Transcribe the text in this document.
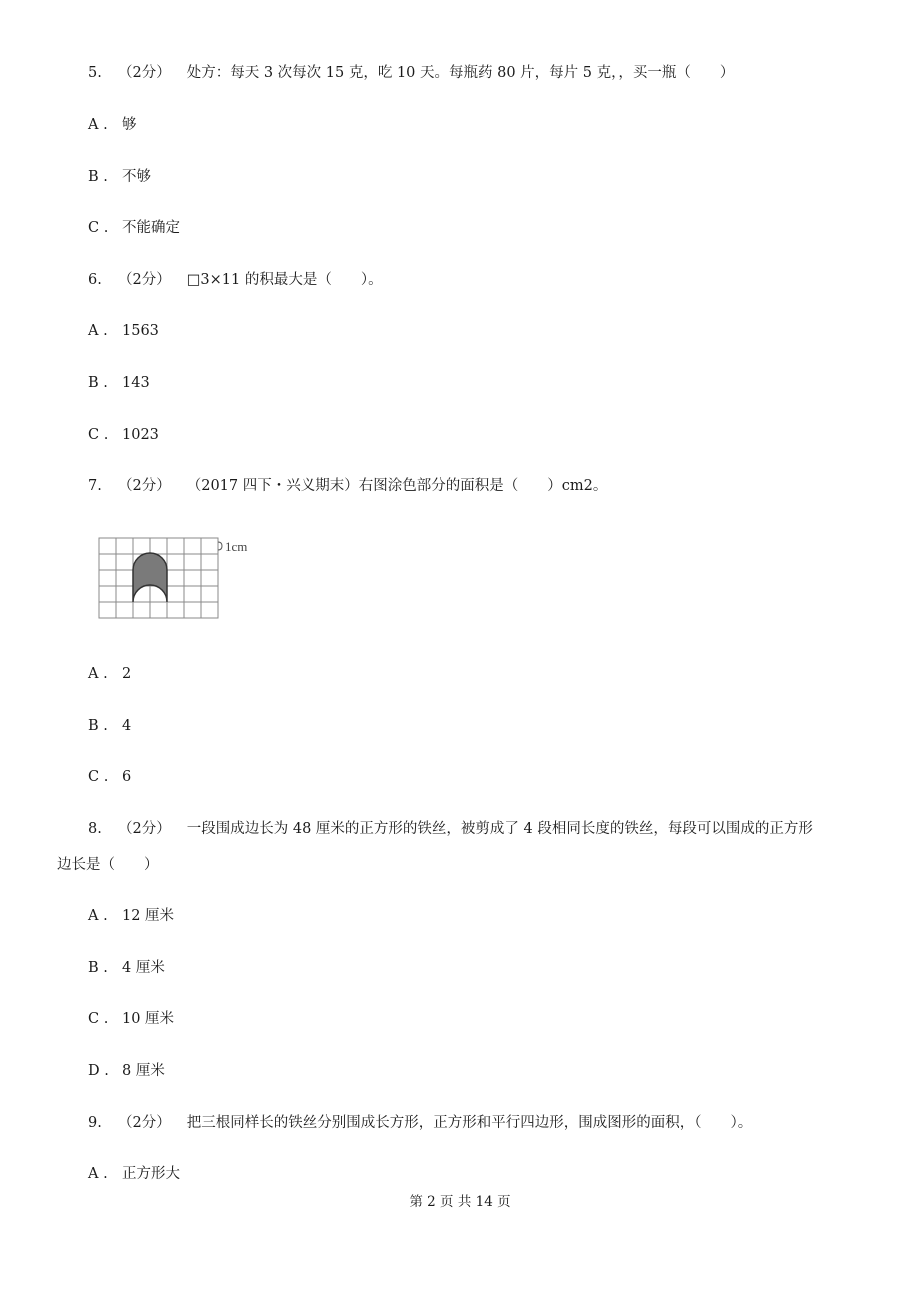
5. （2分） 处方：每天 3 次每次 15 克，吃 10 天。每瓶药 80 片，每片 5 克，，买一瓶（　　）
A . 够
B . 不够
C . 不能确定
6. （2分） □3×11 的积最大是（　　）。
A . 1563
B . 143
C . 1023
7. （2分） （2017 四下・兴义期末）右图涂色部分的面积是（　　）cm2。
1cm
A . 2
B . 4
C . 6
8. （2分） 一段围成边长为 48 厘米的正方形的铁丝，被剪成了 4 段相同长度的铁丝，每段可以围成的正方形
边长是（　　）
A . 12 厘米
B . 4 厘米
C . 10 厘米
D . 8 厘米
9. （2分） 把三根同样长的铁丝分别围成长方形，正方形和平行四边形，围成图形的面积，（　　）。
A . 正方形大
第 2 页 共 14 页
